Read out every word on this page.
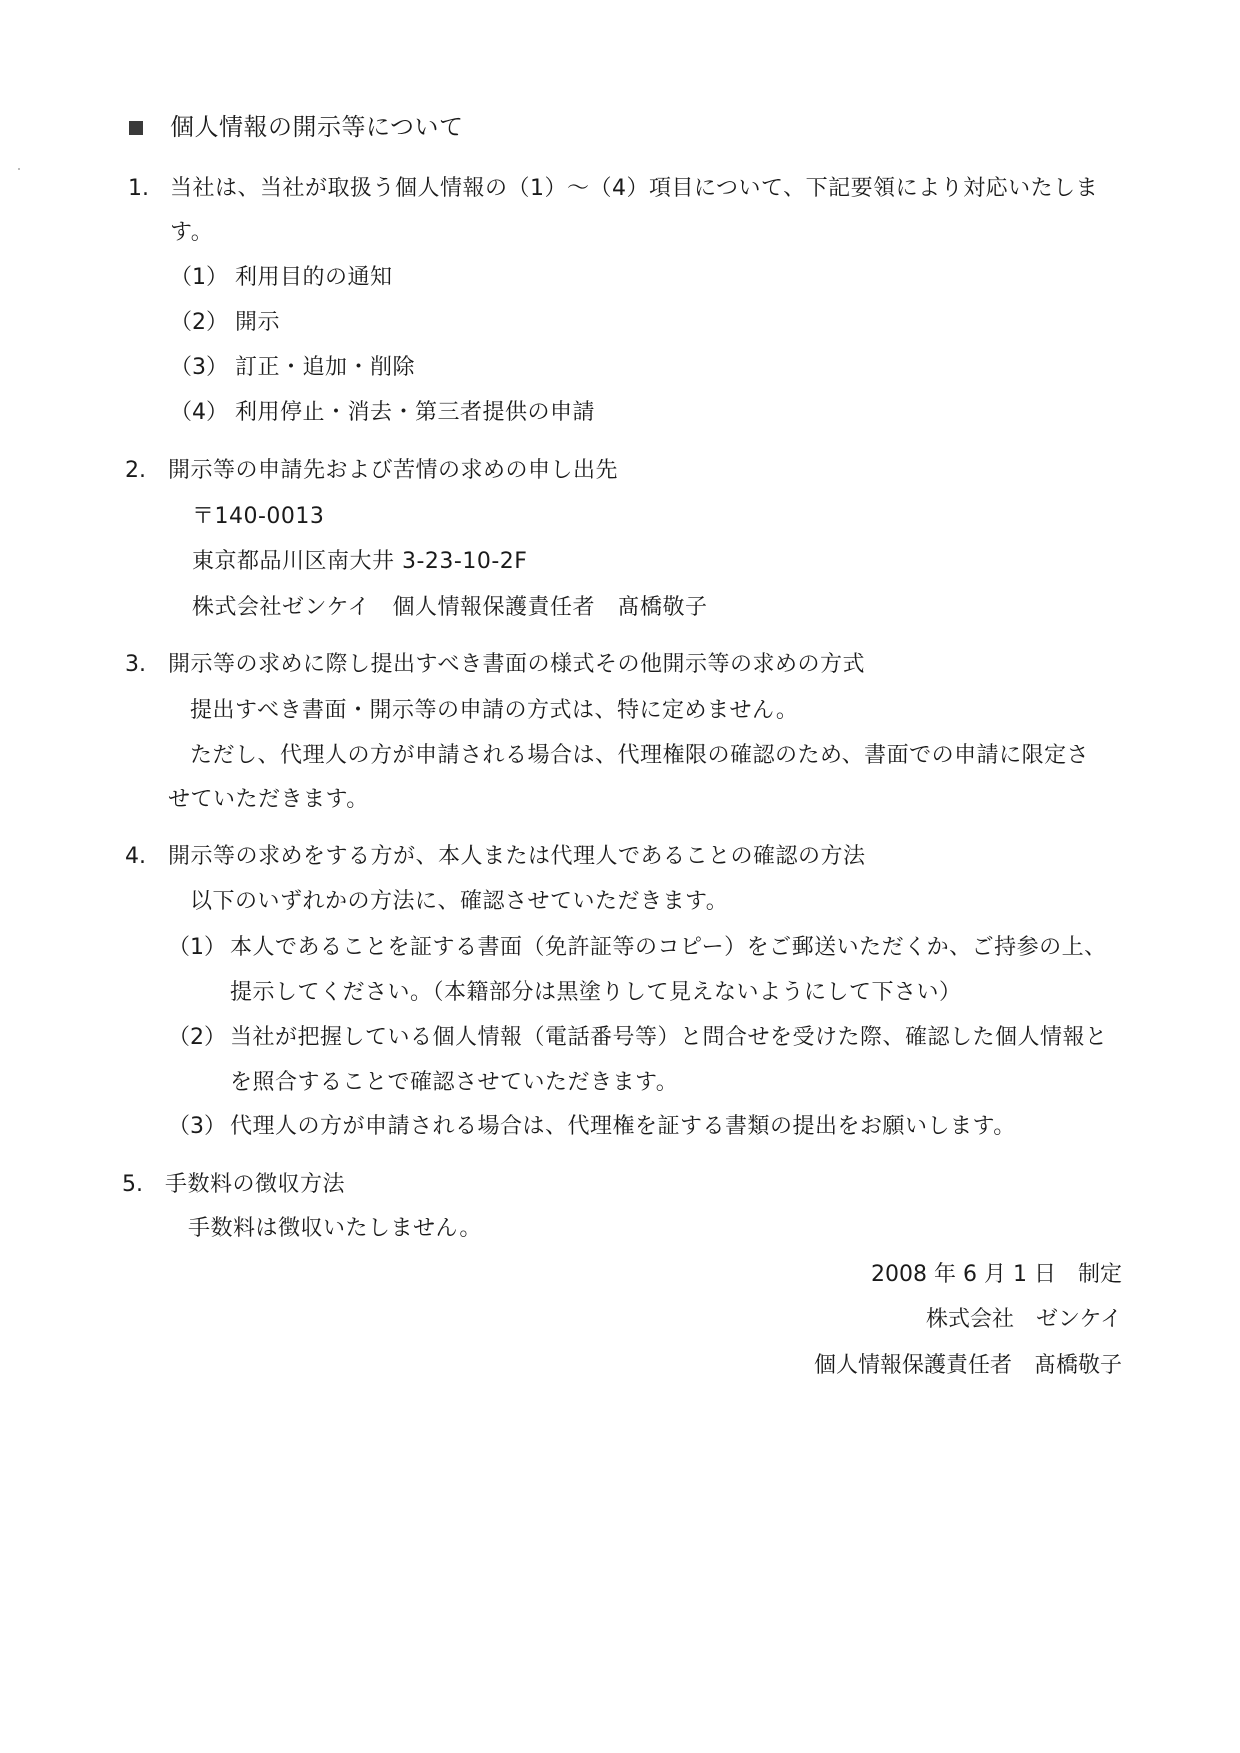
個人情報の開示等について
1. 当社は、当社が取扱う個人情報の（1）～（4）項目について、下記要領により対応いたしま
す。
（1） 利用目的の通知
（2） 開示
（3） 訂正・追加・削除
（4） 利用停止・消去・第三者提供の申請
2. 開示等の申請先および苦情の求めの申し出先
〒140-0013
東京都品川区南大井 3-23-10-2F
株式会社ゼンケイ　個人情報保護責任者　髙橋敬子
3. 開示等の求めに際し提出すべき書面の様式その他開示等の求めの方式
提出すべき書面・開示等の申請の方式は、特に定めません。
ただし、代理人の方が申請される場合は、代理権限の確認のため、書面での申請に限定さ
せていただきます。
4. 開示等の求めをする方が、本人または代理人であることの確認の方法
以下のいずれかの方法に、確認させていただきます。
（1） 本人であることを証する書面（免許証等のコピー）をご郵送いただくか、ご持参の上、
提示してください。（本籍部分は黒塗りして見えないようにして下さい）
（2） 当社が把握している個人情報（電話番号等）と問合せを受けた際、確認した個人情報と
を照合することで確認させていただきます。
（3） 代理人の方が申請される場合は、代理権を証する書類の提出をお願いします。
5. 手数料の徴収方法
手数料は徴収いたしません。
2008 年 6 月 1 日　制定
株式会社　ゼンケイ
個人情報保護責任者　髙橋敬子
